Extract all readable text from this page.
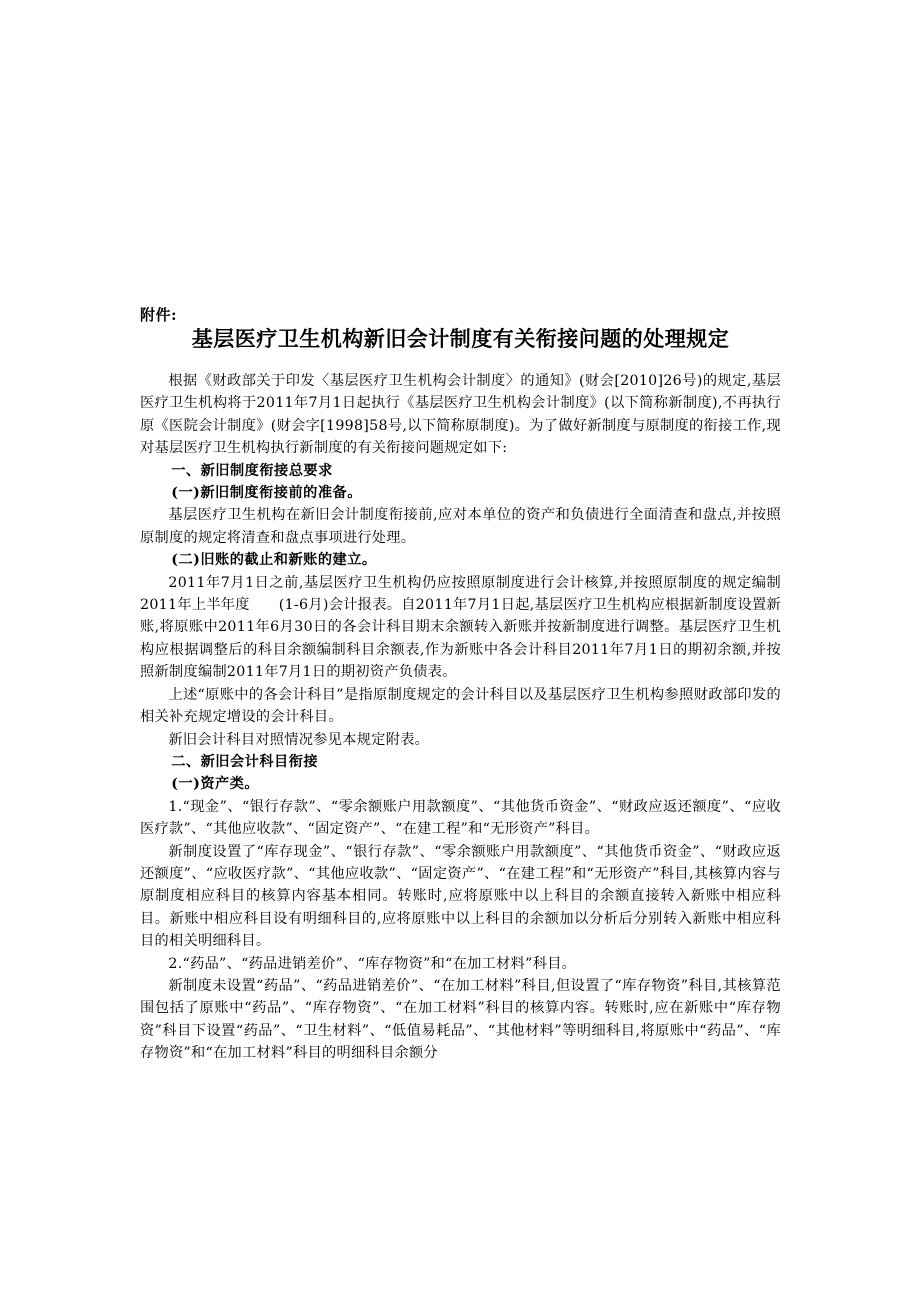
附件:
基层医疗卫生机构新旧会计制度有关衔接问题的处理规定

根据《财政部关于印发〈基层医疗卫生机构会计制度〉的通知》(财会[2010]26号)的规定,基层医疗卫生机构将于2011年7月1日起执行《基层医疗卫生机构会计制度》(以下简称新制度),不再执行原《医院会计制度》(财会字[1998]58号,以下简称原制度)。为了做好新制度与原制度的衔接工作,现对基层医疗卫生机构执行新制度的有关衔接问题规定如下:

一、新旧制度衔接总要求

(一)新旧制度衔接前的准备。

基层医疗卫生机构在新旧会计制度衔接前,应对本单位的资产和负债进行全面清查和盘点,并按照原制度的规定将清查和盘点事项进行处理。

(二)旧账的截止和新账的建立。

2011年7月1日之前,基层医疗卫生机构仍应按照原制度进行会计核算,并按照原制度的规定编制2011年上半年度　　(1-6月)会计报表。自2011年7月1日起,基层医疗卫生机构应根据新制度设置新账,将原账中2011年6月30日的各会计科目期末余额转入新账并按新制度进行调整。基层医疗卫生机构应根据调整后的科目余额编制科目余额表,作为新账中各会计科目2011年7月1日的期初余额,并按照新制度编制2011年7月1日的期初资产负债表。

上述“原账中的各会计科目”是指原制度规定的会计科目以及基层医疗卫生机构参照财政部印发的相关补充规定增设的会计科目。

新旧会计科目对照情况参见本规定附表。

二、新旧会计科目衔接

(一)资产类。

1.“现金”、“银行存款”、“零余额账户用款额度”、“其他货币资金”、“财政应返还额度”、“应收医疗款”、“其他应收款”、“固定资产”、“在建工程”和“无形资产”科目。

新制度设置了“库存现金”、“银行存款”、“零余额账户用款额度”、“其他货币资金”、“财政应返还额度”、“应收医疗款”、“其他应收款”、“固定资产”、“在建工程”和“无形资产”科目,其核算内容与原制度相应科目的核算内容基本相同。转账时,应将原账中以上科目的余额直接转入新账中相应科目。新账中相应科目设有明细科目的,应将原账中以上科目的余额加以分析后分别转入新账中相应科目的相关明细科目。

2.“药品”、“药品进销差价”、“库存物资”和“在加工材料”科目。

新制度未设置“药品”、“药品进销差价”、“在加工材料”科目,但设置了“库存物资”科目,其核算范围包括了原账中“药品”、“库存物资”、“在加工材料”科目的核算内容。转账时,应在新账中“库存物资”科目下设置“药品”、“卫生材料”、“低值易耗品”、“其他材料”等明细科目,将原账中“药品”、“库存物资”和“在加工材料”科目的明细科目余额分
